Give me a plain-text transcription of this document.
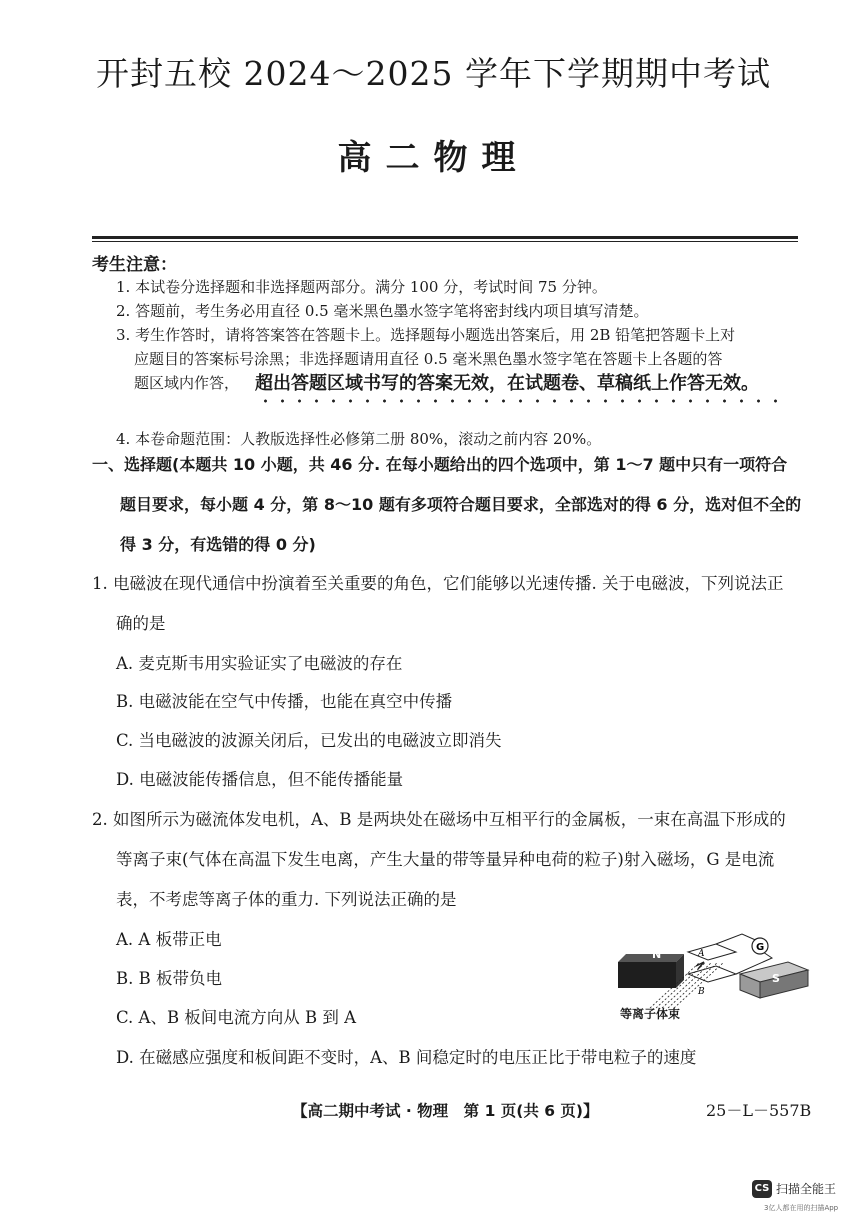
开封五校 2024～2025 学年下学期期中考试
高二物理
考生注意：
1. 本试卷分选择题和非选择题两部分。满分 100 分，考试时间 75 分钟。
2. 答题前，考生务必用直径 0.5 毫米黑色墨水签字笔将密封线内项目填写清楚。
3. 考生作答时，请将答案答在答题卡上。选择题每小题选出答案后，用 2B 铅笔把答题卡上对
应题目的答案标号涂黑；非选择题请用直径 0.5 毫米黑色墨水签字笔在答题卡上各题的答
题区域内作答， 超出答题区域书写的答案无效，在试题卷、草稿纸上作答无效。
4. 本卷命题范围：人教版选择性必修第二册 80%，滚动之前内容 20%。
一、选择题(本题共 10 小题，共 46 分. 在每小题给出的四个选项中，第 1～7 题中只有一项符合
题目要求，每小题 4 分，第 8～10 题有多项符合题目要求，全部选对的得 6 分，选对但不全的
得 3 分，有选错的得 0 分)
1. 电磁波在现代通信中扮演着至关重要的角色，它们能够以光速传播. 关于电磁波，下列说法正
确的是
A. 麦克斯韦用实验证实了电磁波的存在
B. 电磁波能在空气中传播，也能在真空中传播
C. 当电磁波的波源关闭后，已发出的电磁波立即消失
D. 电磁波能传播信息，但不能传播能量
2. 如图所示为磁流体发电机，A、B 是两块处在磁场中互相平行的金属板，一束在高温下形成的
等离子束(气体在高温下发生电离，产生大量的带等量异种电荷的粒子)射入磁场，G 是电流
表，不考虑等离子体的重力. 下列说法正确的是
A. A 板带正电
B. B 板带负电
C. A、B 板间电流方向从 B 到 A
D. 在磁感应强度和板间距不变时，A、B 间稳定时的电压正比于带电粒子的速度
N	A
B
G
S
等离子体束
【高二期中考试 · 物理　第 1 页(共 6 页)】	25－L－557B
CS 扫描全能王
3亿人都在用的扫描App
